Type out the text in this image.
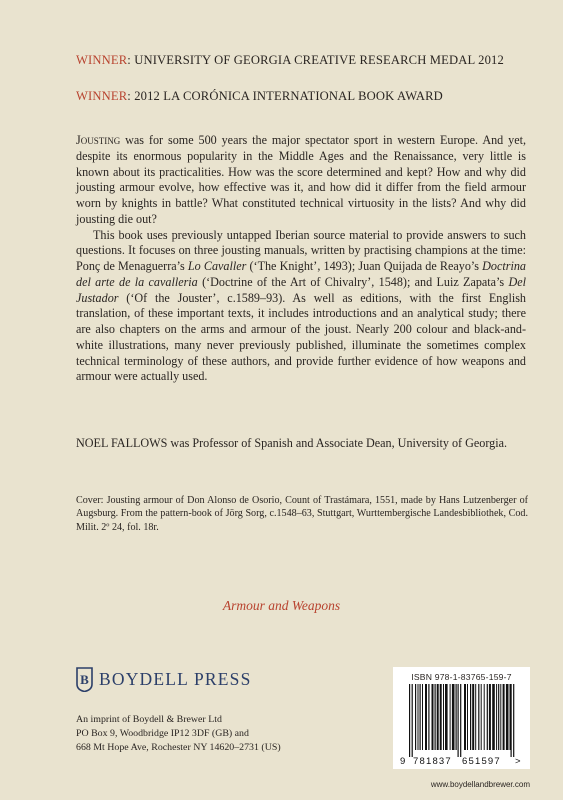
WINNER: UNIVERSITY OF GEORGIA CREATIVE RESEARCH MEDAL 2012
WINNER: 2012 LA CORÓNICA INTERNATIONAL BOOK AWARD

Jousting was for some 500 years the major spectator sport in western Europe. And yet, despite its enormous popularity in the Middle Ages and the Renaissance, very little is known about its practicalities. How was the score determined and kept? How and why did jousting armour evolve, how effective was it, and how did it differ from the field armour worn by knights in battle? What constituted technical virtuosity in the lists? And why did jousting die out?

This book uses previously untapped Iberian source material to provide answers to such questions. It focuses on three jousting manuals, written by practising champions at the time: Ponç de Menaguerra’s Lo Cavaller (‘The Knight’, 1493); Juan Quijada de Reayo’s Doctrina del arte de la cavalleria (‘Doctrine of the Art of Chivalry’, 1548); and Luiz Zapata’s Del Justador (‘Of the Jouster’, c.1589–93). As well as editions, with the first English translation, of these important texts, it includes introductions and an analytical study; there are also chapters on the arms and armour of the joust. Nearly 200 colour and black-and-white illustrations, many never previously published, illuminate the sometimes complex technical terminology of these authors, and provide further evidence of how weapons and armour were actually used.

NOEL FALLOWS was Professor of Spanish and Associate Dean, University of Georgia.
Cover: Jousting armour of Don Alonso de Osorio, Count of Trastámara, 1551, made by Hans Lutzenberger of Augsburg. From the pattern-book of Jörg Sorg, c.1548–63, Stuttgart, Wurttembergische Landesbibliothek, Cod. Milit. 2º 24, fol. 18r.
Armour and Weapons
B BOYDELL PRESS
An imprint of Boydell & Brewer Ltd
PO Box 9, Woodbridge IP12 3DF (GB) and
668 Mt Hope Ave, Rochester NY 14620–2731 (US)
ISBN 978-1-83765-159-7
9 781837 651597 >
www.boydellandbrewer.com
